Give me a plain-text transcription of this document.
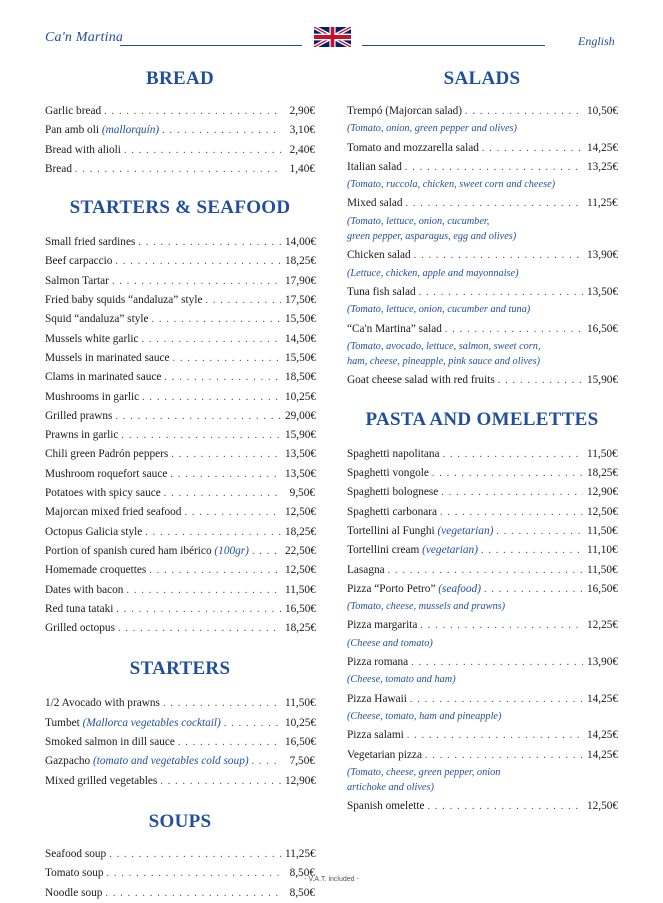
Ca'n Martina	English
BREAD
Garlic bread . . .	2,90€
Pan amb oli (mallorquín) . . .	3,10€
Bread with alioli . . .	2,40€
Bread . . .	1,40€
STARTERS & SEAFOOD
Small fried sardines . . .	14,00€
Beef carpaccio . . .	18,25€
Salmon Tartar . . .	17,90€
Fried baby squids “andaluza” style . . .	17,50€
Squid “andaluza” style . . .	15,50€
Mussels white garlic . . .	14,50€
Mussels in marinated sauce . . .	15,50€
Clams in marinated sauce . . .	18,50€
Mushrooms in garlic . . .	10,25€
Grilled prawns . . .	29,00€
Prawns in garlic . . .	15,90€
Chili green Padrón peppers . . .	13,50€
Mushroom roquefort sauce . . .	13,50€
Potatoes with spicy sauce . . .	9,50€
Majorcan mixed fried seafood . . .	12,50€
Octopus Galicia style . . .	18,25€
Portion of spanish cured ham ibérico (100gr) . . .	22,50€
Homemade croquettes . . .	12,50€
Dates with bacon . . .	11,50€
Red tuna tataki . . .	16,50€
Grilled octopus . . .	18,25€
STARTERS
1/2 Avocado with prawns . . .	11,50€
Tumbet (Mallorca vegetables cocktail) . . .	10,25€
Smoked salmon in dill sauce . . .	16,50€
Gazpacho (tomato and vegetables cold soup) . . .	7,50€
Mixed grilled vegetables . . .	12,90€
SOUPS
Seafood soup . . .	11,25€
Tomato soup . . .	8,50€
Noodle soup . . .	8,50€
SALADS
Trempó (Majorcan salad) . . .	10,50€
(Tomato, onion, green pepper and olives)
Tomato and mozzarella salad . . .	14,25€
Italian salad . . .	13,25€
(Tomato, ruccola, chicken, sweet corn and cheese)
Mixed salad . . .	11,25€
(Tomato, lettuce, onion, cucumber,
green pepper, asparagus, egg and olives)
Chicken salad . . .	13,90€
(Lettuce, chicken, apple and mayonnaise)
Tuna fish salad . . .	13,50€
(Tomato, lettuce, onion, cucumber and tuna)
“Ca'n Martina” salad . . .	16,50€
(Tomato, avocado, lettuce, salmon, sweet corn,
ham, cheese, pineapple, pink sauce and olives)
Goat cheese salad with red fruits . . .	15,90€
PASTA AND OMELETTES
Spaghetti napolitana . . .	11,50€
Spaghetti vongole . . .	18,25€
Spaghetti bolognese . . .	12,90€
Spaghetti carbonara . . .	12,50€
Tortellini al Funghi (vegetarian) . . .	11,50€
Tortellini cream (vegetarian) . . .	11,10€
Lasagna . . .	11,50€
Pizza “Porto Petro” (seafood) . . .	16,50€
(Tomato, cheese, mussels and prawns)
Pizza margarita . . .	12,25€
(Cheese and tomato)
Pizza romana . . .	13,90€
(Cheese, tomato and ham)
Pizza Hawaii . . .	14,25€
(Cheese, tomato, ham and pineapple)
Pizza salami . . .	14,25€
Vegetarian pizza . . .	14,25€
(Tomato, cheese, green pepper, onion
artichoke and olives)
Spanish omelette . . .	12,50€
- V.A.T. included -
